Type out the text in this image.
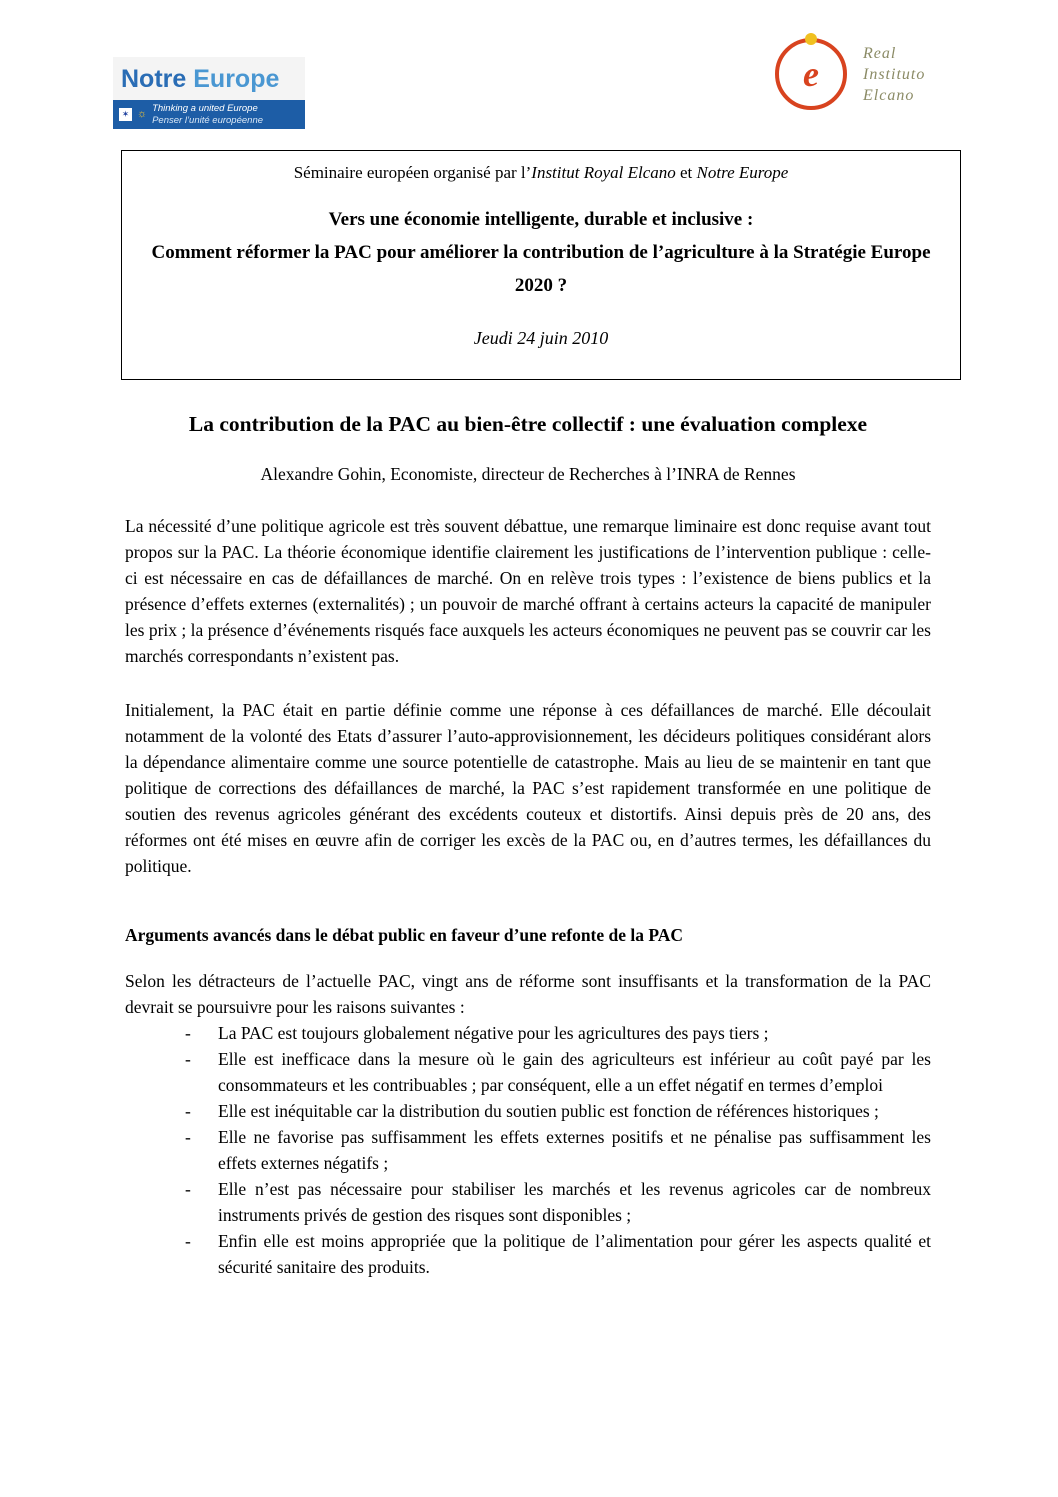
Notre Europe
✶ ☼ Thinking a united Europe
Penser l’unité européenne
e
Real
Instituto
Elcano
Séminaire européen organisé par l’Institut Royal Elcano et Notre Europe
Vers une économie intelligente, durable et inclusive :
Comment réformer la PAC pour améliorer la contribution de l’agriculture à la Stratégie Europe 2020 ?
Jeudi 24 juin 2010
La contribution de la PAC au bien-être collectif : une évaluation complexe
Alexandre Gohin, Economiste, directeur de Recherches à l’INRA de Rennes
La nécessité d’une politique agricole est très souvent débattue, une remarque liminaire est donc requise avant tout propos sur la PAC. La théorie économique identifie clairement les justifications de l’intervention publique : celle-ci est nécessaire en cas de défaillances de marché. On en relève trois types : l’existence de biens publics et la présence d’effets externes (externalités) ; un pouvoir de marché offrant à certains acteurs la capacité de manipuler les prix ; la présence d’événements risqués face auxquels les acteurs économiques ne peuvent pas se couvrir car les marchés correspondants n’existent pas.
Initialement, la PAC était en partie définie comme une réponse à ces défaillances de marché. Elle découlait notamment de la volonté des Etats d’assurer l’auto-approvisionnement, les décideurs politiques considérant alors la dépendance alimentaire comme une source potentielle de catastrophe. Mais au lieu de se maintenir en tant que politique de corrections des défaillances de marché, la PAC s’est rapidement transformée en une politique de soutien des revenus agricoles générant des excédents couteux et distortifs. Ainsi depuis près de 20 ans, des réformes ont été mises en œuvre afin de corriger les excès de la PAC ou, en d’autres termes, les défaillances du politique.
Arguments avancés dans le débat public en faveur d’une refonte de la PAC
Selon les détracteurs de l’actuelle PAC, vingt ans de réforme sont insuffisants et la transformation de la PAC devrait se poursuivre pour les raisons suivantes :
-	La PAC est toujours globalement négative pour les agricultures des pays tiers ;
-	Elle est inefficace dans la mesure où le gain des agriculteurs est inférieur au coût payé par les consommateurs et les contribuables ; par conséquent, elle a un effet négatif en termes d’emploi
-	Elle est inéquitable car la distribution du soutien public est fonction de références historiques ;
-	Elle ne favorise pas suffisamment les effets externes positifs et ne pénalise pas suffisamment les effets externes négatifs ;
-	Elle n’est pas nécessaire pour stabiliser les marchés et les revenus agricoles car de nombreux instruments privés de gestion des risques sont disponibles ;
-	Enfin elle est moins appropriée que la politique de l’alimentation pour gérer les aspects qualité et sécurité sanitaire des produits.
